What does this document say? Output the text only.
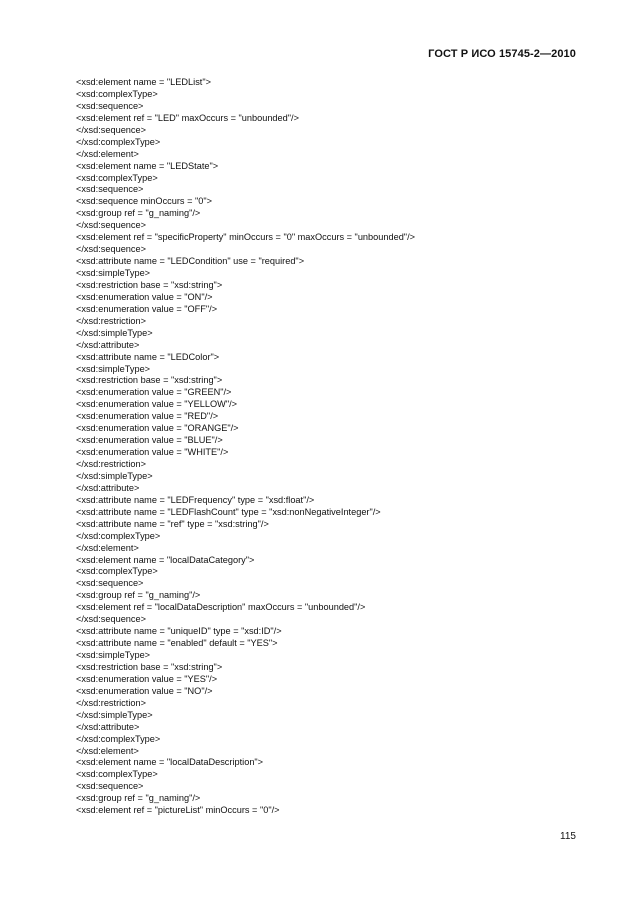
ГОСТ Р ИСО 15745-2—2010
<xsd:element name = "LEDList">
<xsd:complexType>
<xsd:sequence>
<xsd:element ref = "LED" maxOccurs = "unbounded"/>
</xsd:sequence>
</xsd:complexType>
</xsd:element>
<xsd:element name = "LEDState">
<xsd:complexType>
<xsd:sequence>
<xsd:sequence minOccurs = "0">
<xsd:group ref = "g_naming"/>
</xsd:sequence>
<xsd:element ref = "specificProperty" minOccurs = "0" maxOccurs = "unbounded"/>
</xsd:sequence>
<xsd:attribute name = "LEDCondition" use = "required">
<xsd:simpleType>
<xsd:restriction base = "xsd:string">
<xsd:enumeration value = "ON"/>
<xsd:enumeration value = "OFF"/>
</xsd:restriction>
</xsd:simpleType>
</xsd:attribute>
<xsd:attribute name = "LEDColor">
<xsd:simpleType>
<xsd:restriction base = "xsd:string">
<xsd:enumeration value = "GREEN"/>
<xsd:enumeration value = "YELLOW"/>
<xsd:enumeration value = "RED"/>
<xsd:enumeration value = "ORANGE"/>
<xsd:enumeration value = "BLUE"/>
<xsd:enumeration value = "WHITE"/>
</xsd:restriction>
</xsd:simpleType>
</xsd:attribute>
<xsd:attribute name = "LEDFrequency" type = "xsd:float"/>
<xsd:attribute name = "LEDFlashCount" type = "xsd:nonNegativeInteger"/>
<xsd:attribute name = "ref" type = "xsd:string"/>
</xsd:complexType>
</xsd:element>
<xsd:element name = "localDataCategory">
<xsd:complexType>
<xsd:sequence>
<xsd:group ref = "g_naming"/>
<xsd:element ref = "localDataDescription" maxOccurs = "unbounded"/>
</xsd:sequence>
<xsd:attribute name = "uniqueID" type = "xsd:ID"/>
<xsd:attribute name = "enabled" default = "YES">
<xsd:simpleType>
<xsd:restriction base = "xsd:string">
<xsd:enumeration value = "YES"/>
<xsd:enumeration value = "NO"/>
</xsd:restriction>
</xsd:simpleType>
</xsd:attribute>
</xsd:complexType>
</xsd:element>
<xsd:element name = "localDataDescription">
<xsd:complexType>
<xsd:sequence>
<xsd:group ref = "g_naming"/>
<xsd:element ref = "pictureList" minOccurs = "0"/>
115
